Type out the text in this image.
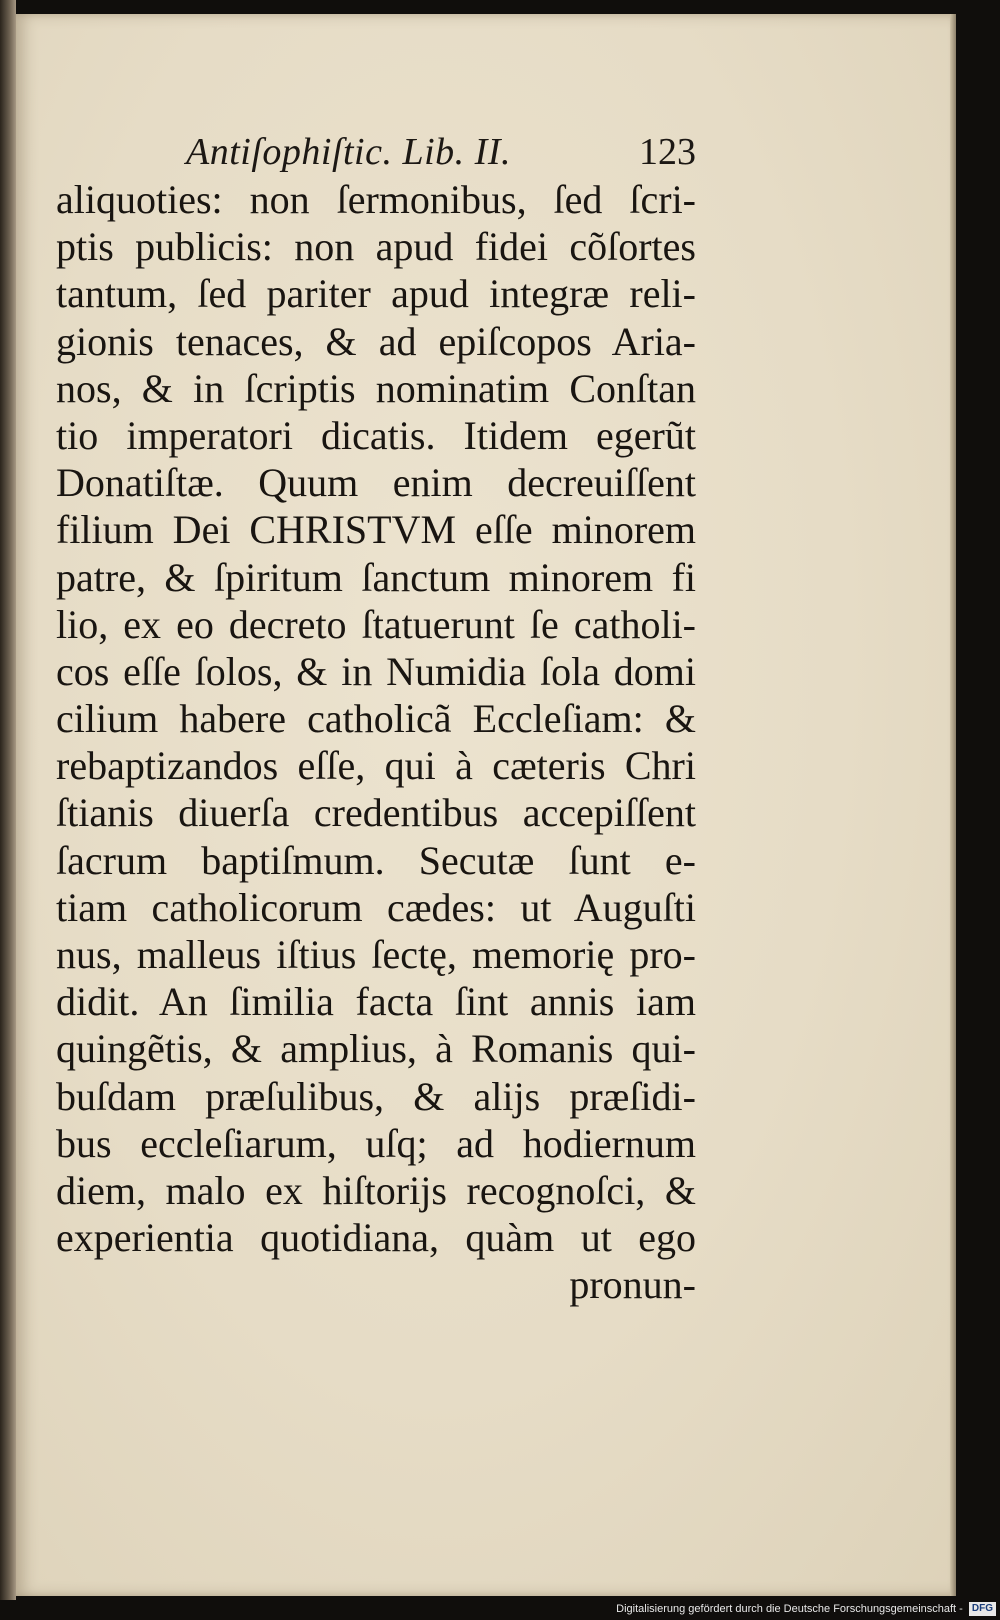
Antiſophiſtic. Lib. II.	123
aliquoties: non ſermonibus, ſed ſcri-
ptis publicis: non apud fidei cõſortes
tantum, ſed pariter apud integræ reli-
gionis tenaces, & ad epiſcopos Aria-
nos, & in ſcriptis nominatim Conſtan
tio imperatori dicatis. Itidem egerũt
Donatiſtæ. Quum enim decreuiſſent
filium Dei CHRISTVM eſſe minorem
patre, & ſpiritum ſanctum minorem fi
lio, ex eo decreto ſtatuerunt ſe catholi-
cos eſſe ſolos, & in Numidia ſola domi
cilium habere catholicã Eccleſiam: &
rebaptizandos eſſe, qui à cæteris Chri
ſtianis diuerſa credentibus accepiſſent
ſacrum baptiſmum. Secutæ ſunt e-
tiam catholicorum cædes: ut Auguſti
nus, malleus iſtius ſectę, memorię pro-
didit. An ſimilia facta ſint annis iam
quingẽtis, & amplius, à Romanis qui-
buſdam præſulibus, & alijs præſidi-
bus eccleſiarum, uſq; ad hodiernum
diem, malo ex hiſtorijs recognoſci, &
experientia quotidiana, quàm ut ego
pronun-
Digitalisierung gefördert durch die Deutsche Forschungsgemeinschaft - DFG
